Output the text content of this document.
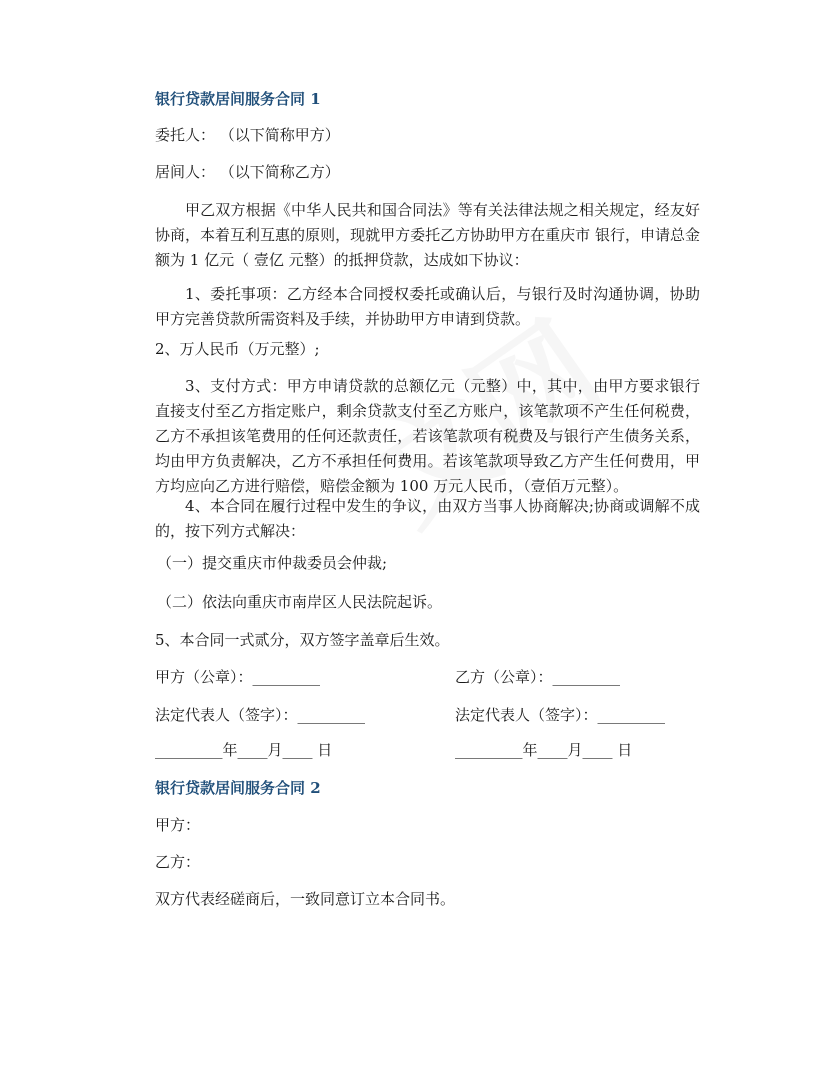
银行贷款居间服务合同 1
委托人： （以下简称甲方）
居间人： （以下简称乙方）
甲乙双方根据《中华人民共和国合同法》等有关法律法规之相关规定，经友好协商，本着互利互惠的原则，现就甲方委托乙方协助甲方在重庆市 银行，申请总金额为 1 亿元（ 壹亿 元整）的抵押贷款，达成如下协议：
1、委托事项：乙方经本合同授权委托或确认后，与银行及时沟通协调，协助甲方完善贷款所需资料及手续，并协助甲方申请到贷款。
2、万人民币（万元整）;
3、支付方式：甲方申请贷款的总额亿元（元整）中，其中，由甲方要求银行直接支付至乙方指定账户，剩余贷款支付至乙方账户，该笔款项不产生任何税费，乙方不承担该笔费用的任何还款责任，若该笔款项有税费及与银行产生债务关系，均由甲方负责解决，乙方不承担任何费用。若该笔款项导致乙方产生任何费用，甲方均应向乙方进行赔偿，赔偿金额为 100 万元人民币，（壹佰万元整）。
4、本合同在履行过程中发生的争议，由双方当事人协商解决;协商或调解不成的，按下列方式解决：
（一）提交重庆市仲裁委员会仲裁;
（二）依法向重庆市南岸区人民法院起诉。
5、本合同一式贰分，双方签字盖章后生效。
甲方（公章）：_________	乙方（公章）：_________
法定代表人（签字）：_________	法定代表人（签字）：_________
_________年____月____ 日	_________年____月____ 日
银行贷款居间服务合同 2
甲方：
乙方：
双方代表经磋商后，一致同意订立本合同书。
